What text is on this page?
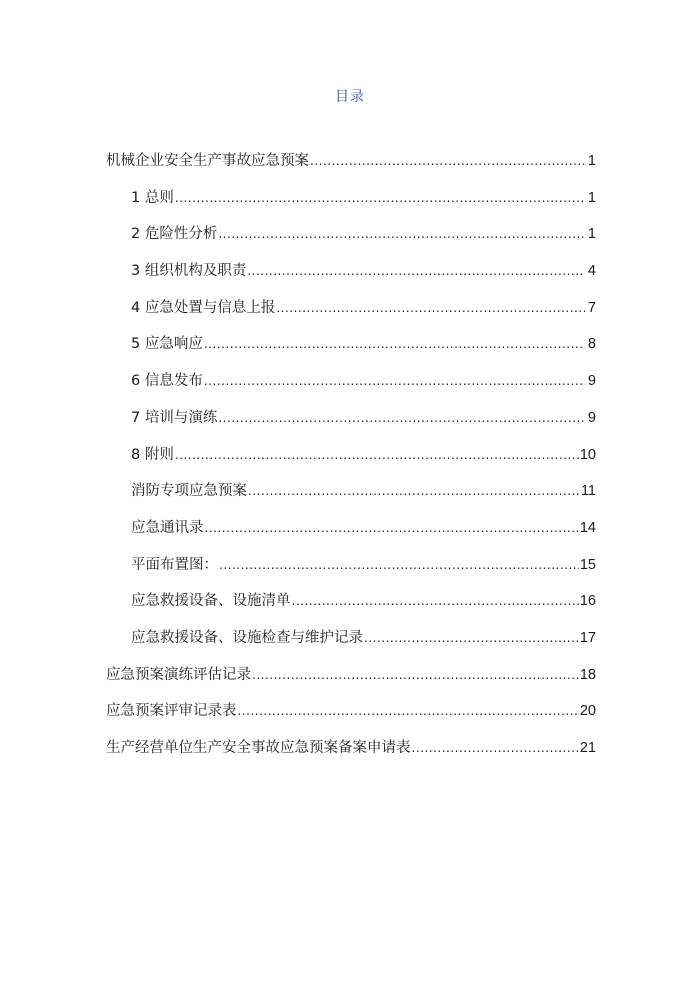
目录
机械企业安全生产事故应急预案 .....	1
1 总则 .....	1
2 危险性分析 .....	1
3 组织机构及职责 .....	4
4 应急处置与信息上报 .....	7
5 应急响应 .....	8
6 信息发布 .....	9
7 培训与演练 .....	9
8 附则 .....	10
消防专项应急预案 .....	11
应急通讯录 .....	14
平面布置图： .....	15
应急救援设备、设施清单 .....	16
应急救援设备、设施检查与维护记录 .....	17
应急预案演练评估记录 .....	18
应急预案评审记录表 .....	20
生产经营单位生产安全事故应急预案备案申请表 .....	21
